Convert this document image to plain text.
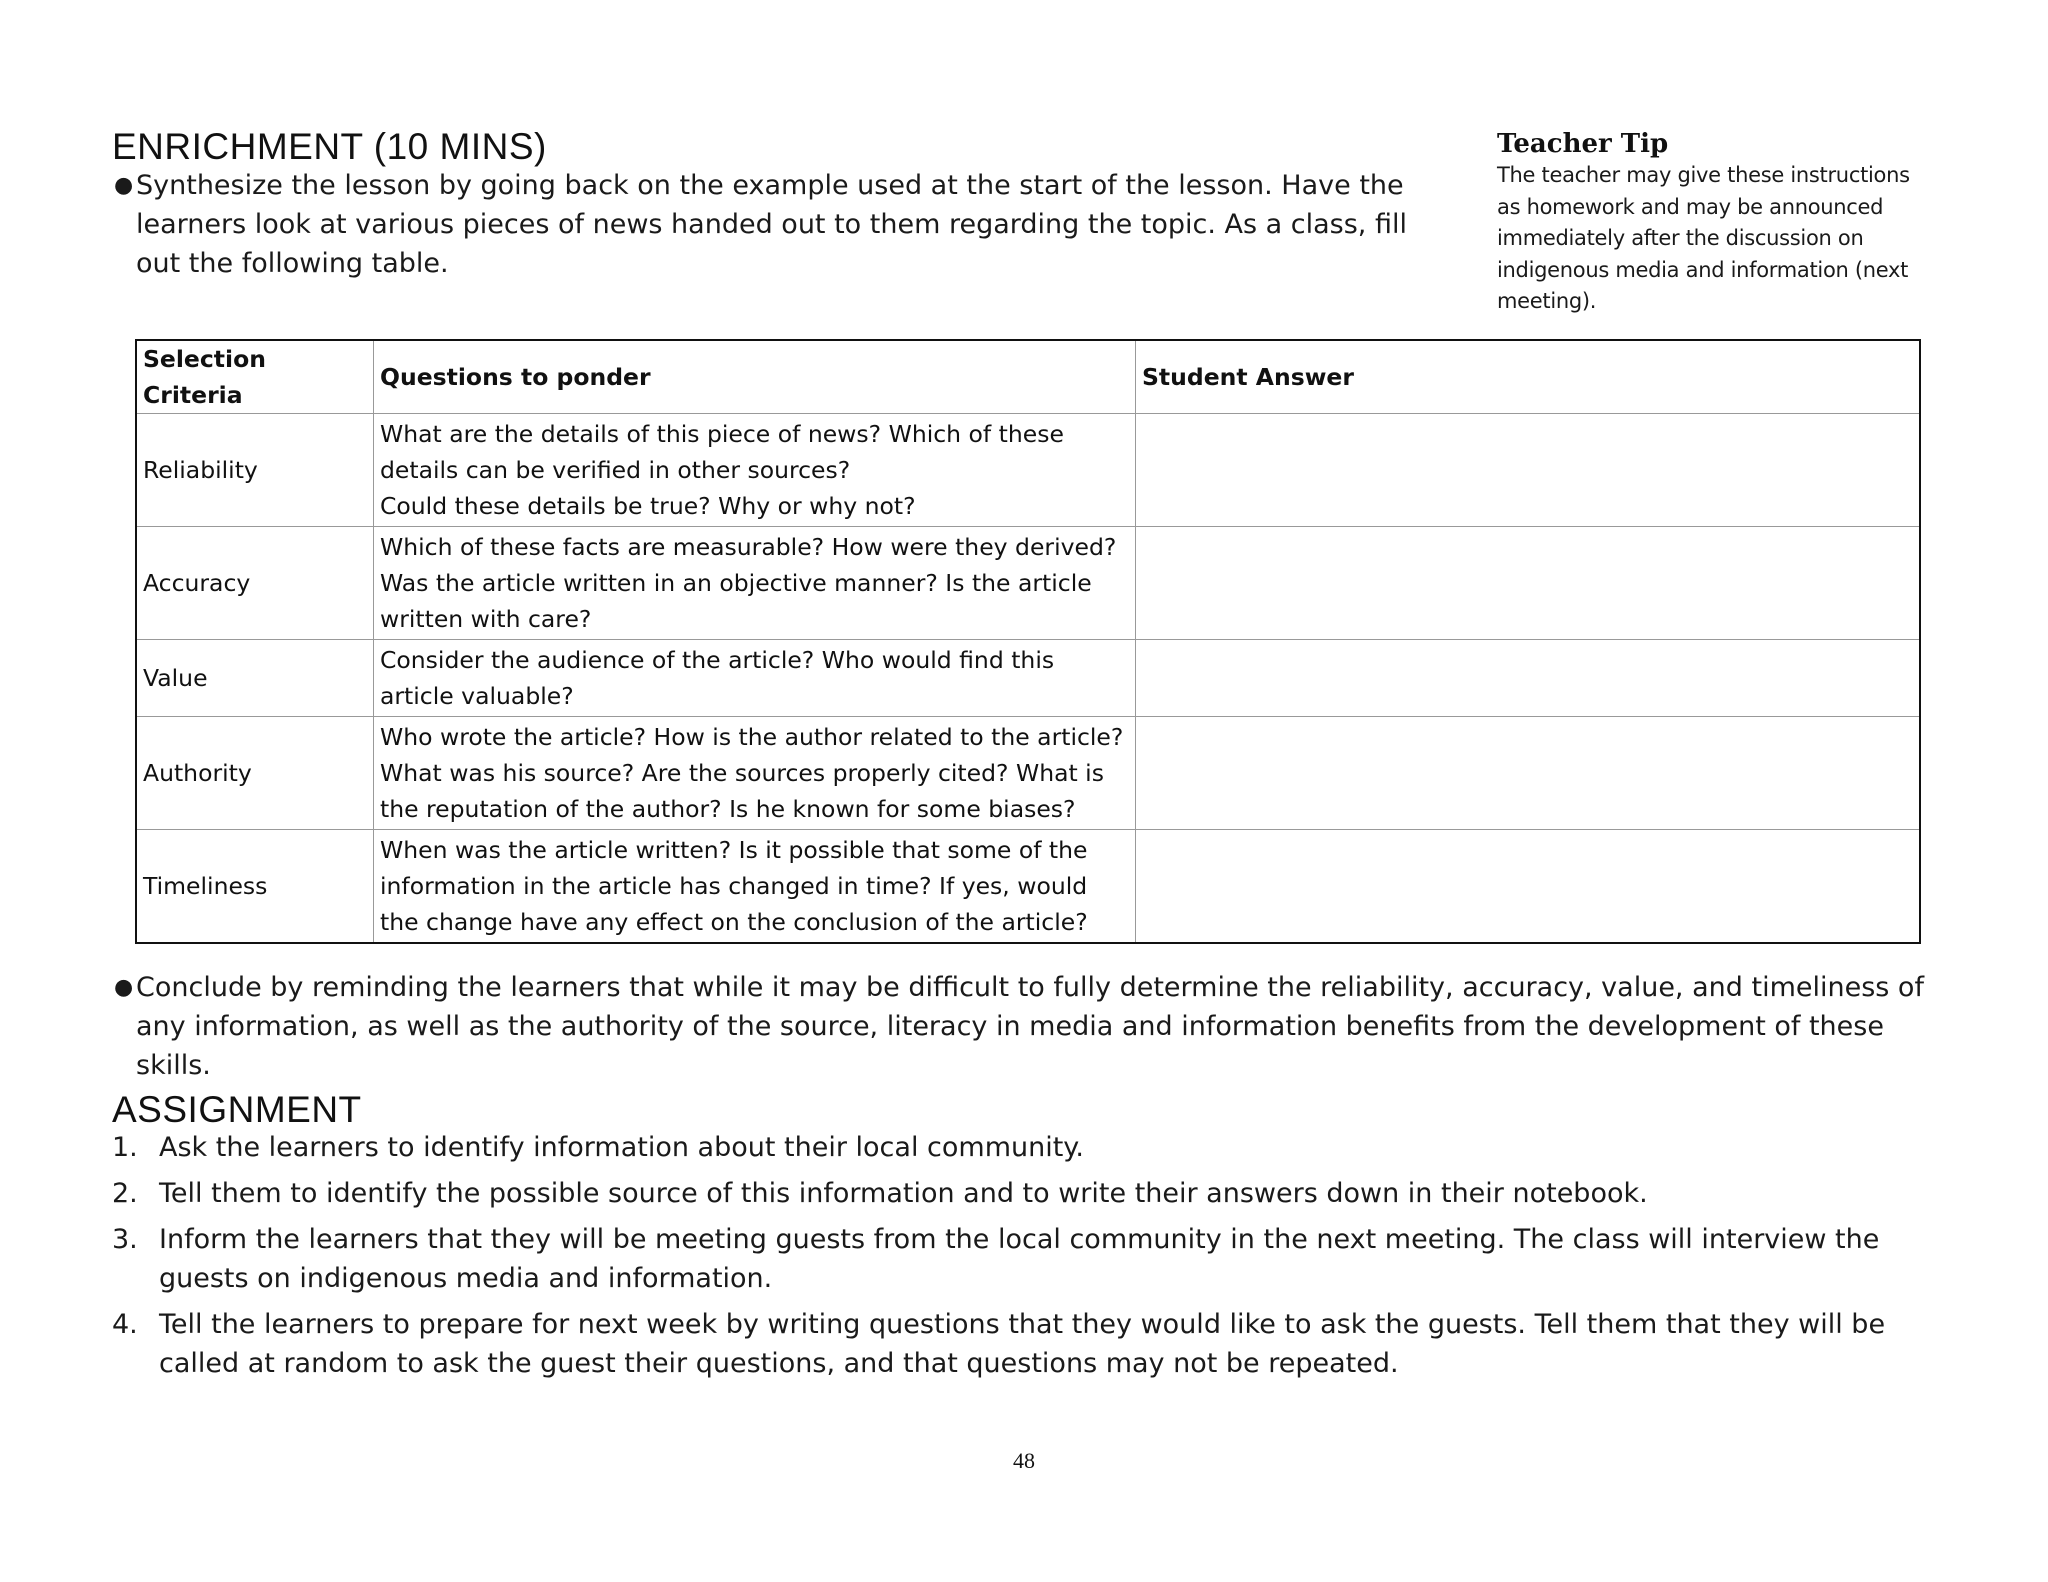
ENRICHMENT (10 MINS)

● Synthesize the lesson by going back on the example used at the start of the lesson. Have the learners look at various pieces of news handed out to them regarding the topic. As a class, fill out the following table.

Teacher Tip
The teacher may give these instructions as homework and may be announced immediately after the discussion on indigenous media and information (next meeting).
Selection Criteria	Questions to ponder	Student Answer
Reliability	What are the details of this piece of news? Which of these details can be verified in other sources?
Could these details be true? Why or why not?	

Accuracy	Which of these facts are measurable? How were they derived? Was the article written in an objective manner? Is the article written with care?	

Value	Consider the audience of the article? Who would find this article valuable?	

Authority	Who wrote the article? How is the author related to the article? What was his source? Are the sources properly cited? What is the reputation of the author? Is he known for some biases?	

Timeliness	When was the article written? Is it possible that some of the information in the article has changed in time? If yes, would the change have any effect on the conclusion of the article?	

● Conclude by reminding the learners that while it may be difficult to fully determine the reliability, accuracy, value, and timeliness of any information, as well as the authority of the source, literacy in media and information benefits from the development of these skills.

ASSIGNMENT
1. Ask the learners to identify information about their local community.
2. Tell them to identify the possible source of this information and to write their answers down in their notebook.
3. Inform the learners that they will be meeting guests from the local community in the next meeting. The class will interview the guests on indigenous media and information.
4. Tell the learners to prepare for next week by writing questions that they would like to ask the guests. Tell them that they will be called at random to ask the guest their questions, and that questions may not be repeated.
48
